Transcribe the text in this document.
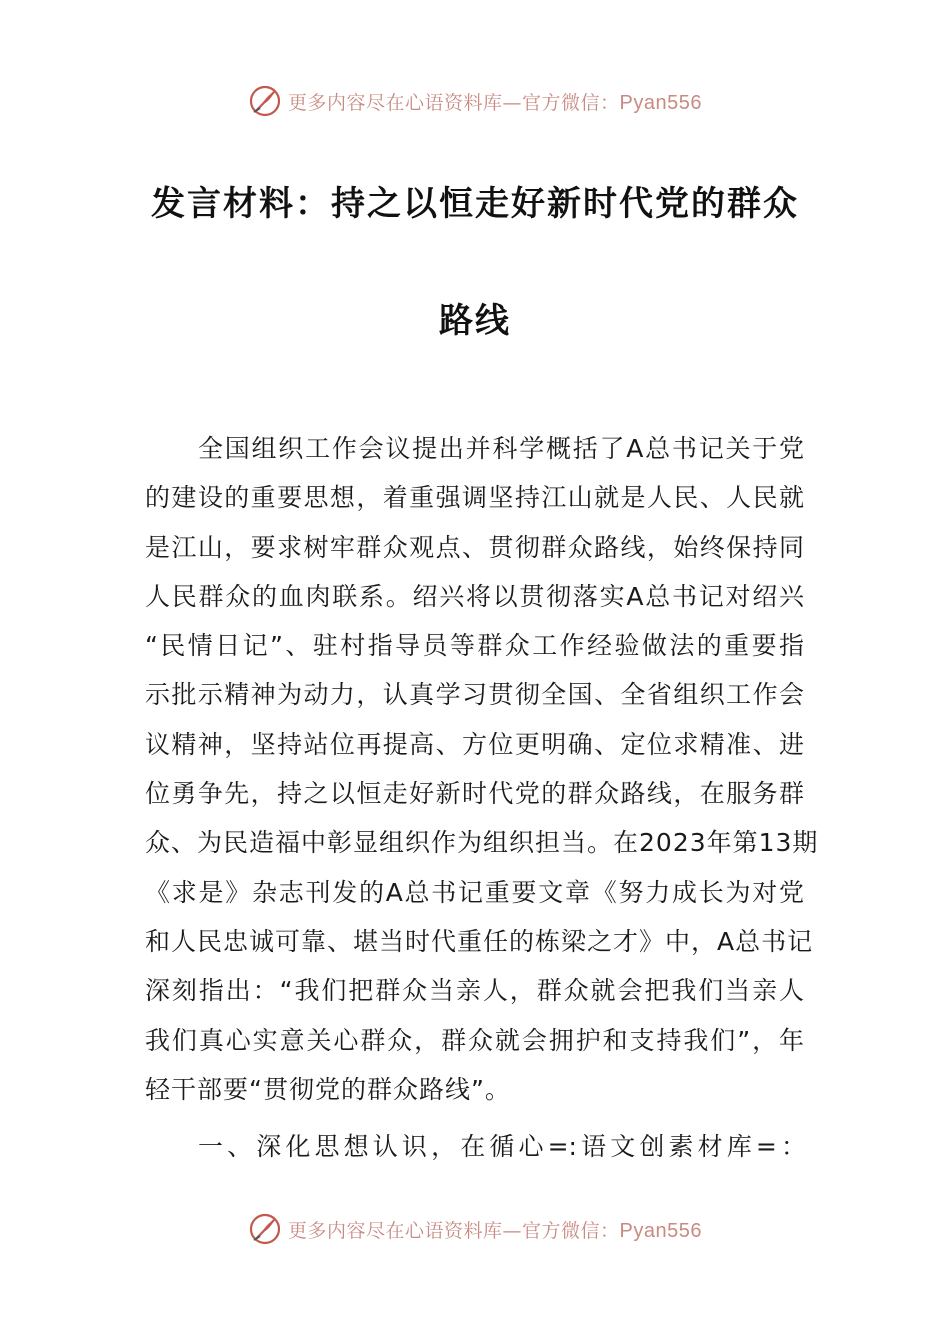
更多内容尽在心语资料库—官方微信：Pyan556
发言材料：持之以恒走好新时代党的群众
路线
全国组织工作会议提出并科学概括了A总书记关于党
的建设的重要思想，着重强调坚持江山就是人民、人民就
是江山，要求树牢群众观点、贯彻群众路线，始终保持同
人民群众的血肉联系。绍兴将以贯彻落实A总书记对绍兴
“民情日记”、驻村指导员等群众工作经验做法的重要指
示批示精神为动力，认真学习贯彻全国、全省组织工作会
议精神，坚持站位再提高、方位更明确、定位求精准、进
位勇争先，持之以恒走好新时代党的群众路线，在服务群
众、为民造福中彰显组织作为组织担当。在2023年第13期
《求是》杂志刊发的A总书记重要文章《努力成长为对党
和人民忠诚可靠、堪当时代重任的栋梁之才》中，A总书记
深刻指出：“我们把群众当亲人，群众就会把我们当亲人
我们真心实意关心群众，群众就会拥护和支持我们”，年
轻干部要“贯彻党的群众路线”。
一、深化思想认识，在循心=:语文创素材库=：
更多内容尽在心语资料库—官方微信：Pyan556
